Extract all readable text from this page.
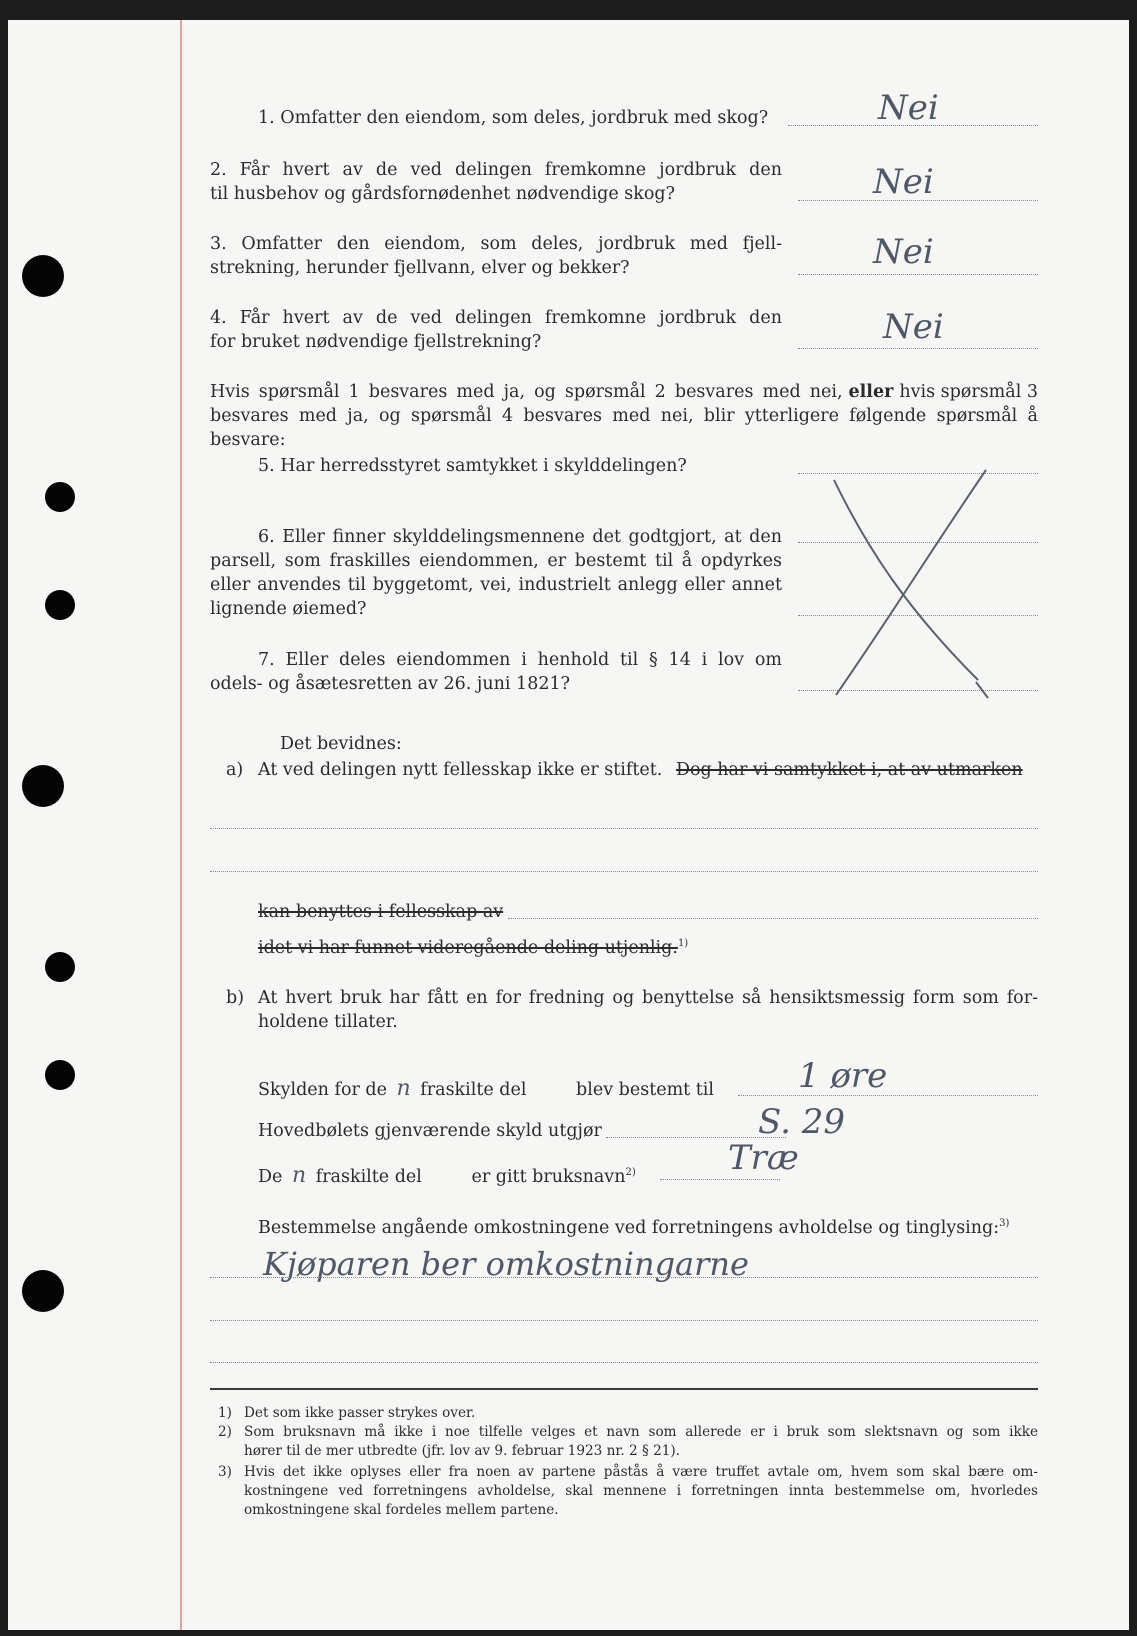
1. Omfatter den eiendom, som deles, jordbruk med skog?	Nei
2. Får hvert av de ved delingen fremkomne jordbruk den
til husbehov og gårdsfornødenhet nødvendige skog?	Nei
3. Omfatter den eiendom, som deles, jordbruk med fjell-
strekning, herunder fjellvann, elver og bekker?	Nei
4. Får hvert av de ved delingen fremkomne jordbruk den
for bruket nødvendige fjellstrekning?	Nei
Hvis spørsmål 1 besvares med ja, og spørsmål 2 besvares med nei, eller hvis spørsmål 3
besvares med ja, og spørsmål 4 besvares med nei, blir ytterligere følgende spørsmål å besvare:
5. Har herredsstyret samtykket i skylddelingen?
6. Eller finner skylddelingsmennene det godtgjort, at den
parsell, som fraskilles eiendommen, er bestemt til å opdyrkes
eller anvendes til byggetomt, vei, industrielt anlegg eller annet
lignende øiemed?
7. Eller deles eiendommen i henhold til § 14 i lov om
odels- og åsætesretten av 26. juni 1821?
Det bevidnes:
a) At ved delingen nytt fellesskap ikke er stiftet. Dog har vi samtykket i, at av utmarken
kan benyttes i fellesskap av
idet vi har funnet videregående deling utjenlig.$^{1)}$
b) At hvert bruk har fått en for fredning og benyttelse så hensiktsmessig form som for-
holdene tillater.
Skylden for de n fraskilte del	blev bestemt til 1 øre
Hovedbølets gjenværende skyld utgjør	S. 29
De n fraskilte del	er gitt bruksnavn$^{2)}$	Træ
Bestemmelse angående omkostningene ved forretningens avholdelse og tinglysing:$^{3)}$
Kjøparen ber omkostningarne
1) Det som ikke passer strykes over.
2) Som bruksnavn må ikke i noe tilfelle velges et navn som allerede er i bruk som slektsnavn og som ikke
hører til de mer utbredte (jfr. lov av 9. februar 1923 nr. 2 § 21).
3) Hvis det ikke oplyses eller fra noen av partene påstås å være truffet avtale om, hvem som skal bære om-
kostningene ved forretningens avholdelse, skal mennene i forretningen innta bestemmelse om, hvorledes
omkostningene skal fordeles mellem partene.
